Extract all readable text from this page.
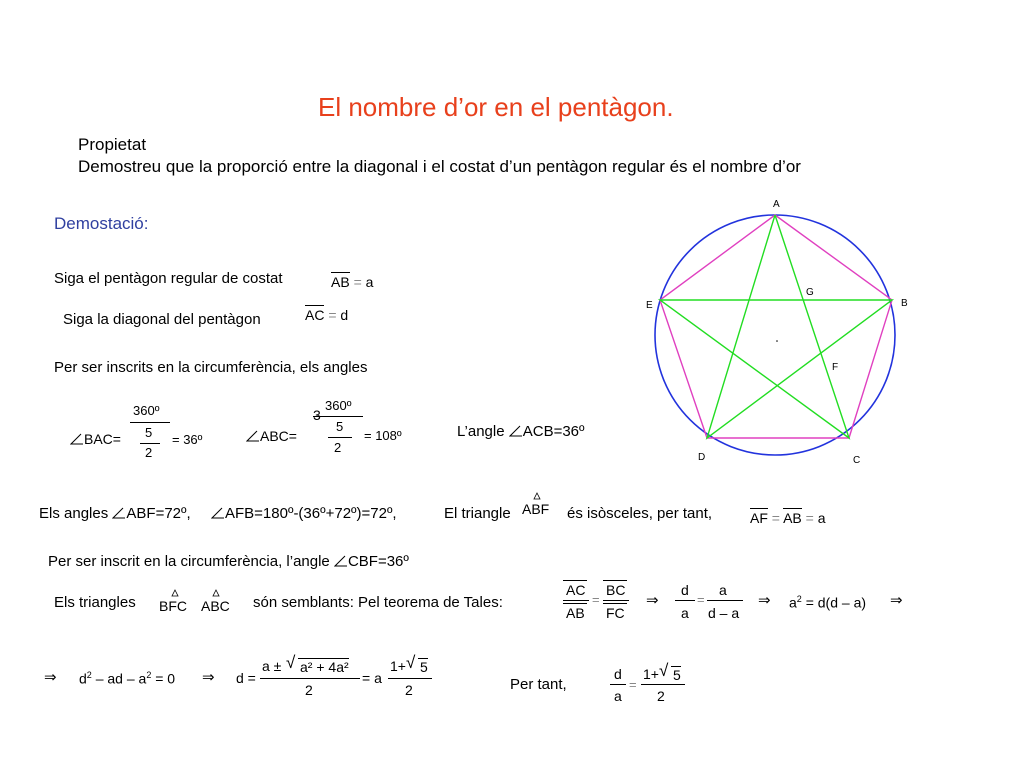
El nombre d’or en el pentàgon.
Propietat
Demostreu que la proporció entre la diagonal i el costat d’un pentàgon regular és el nombre d’or
Demostació:
Siga el pentàgon regular de costat	AB = a
Siga la diagonal del pentàgon	AC = d
Per ser inscrits en la circumferència, els angles
BAC=
360º
5
2
= 36º	ABC=
3
360º
5
2
= 108º	L’angle ACB=36º
Els angles ABF=72º, AFB=180º-(36º+72º)=72º,	El triangle ABF és isòsceles, per tant,	AF = AB = a
Per ser inscrit en la circumferència, l’angle CBF=36º
Els triangles BFC ABC són semblants: Pel teorema de Tales:
AC
AB
=
BC
FC
⇒
d
a
=
a
d – a
⇒ $a^2 = d(d - a)$ ⇒
⇒ $d^2$ – ad – $a^2 = 0$ ⇒ d =
a ± √ a² + 4a²
2
= a
1+ √ 5
2	Per tant,
d
a
=
1+ √ 5
2
A
B
C
D
E
F
G
